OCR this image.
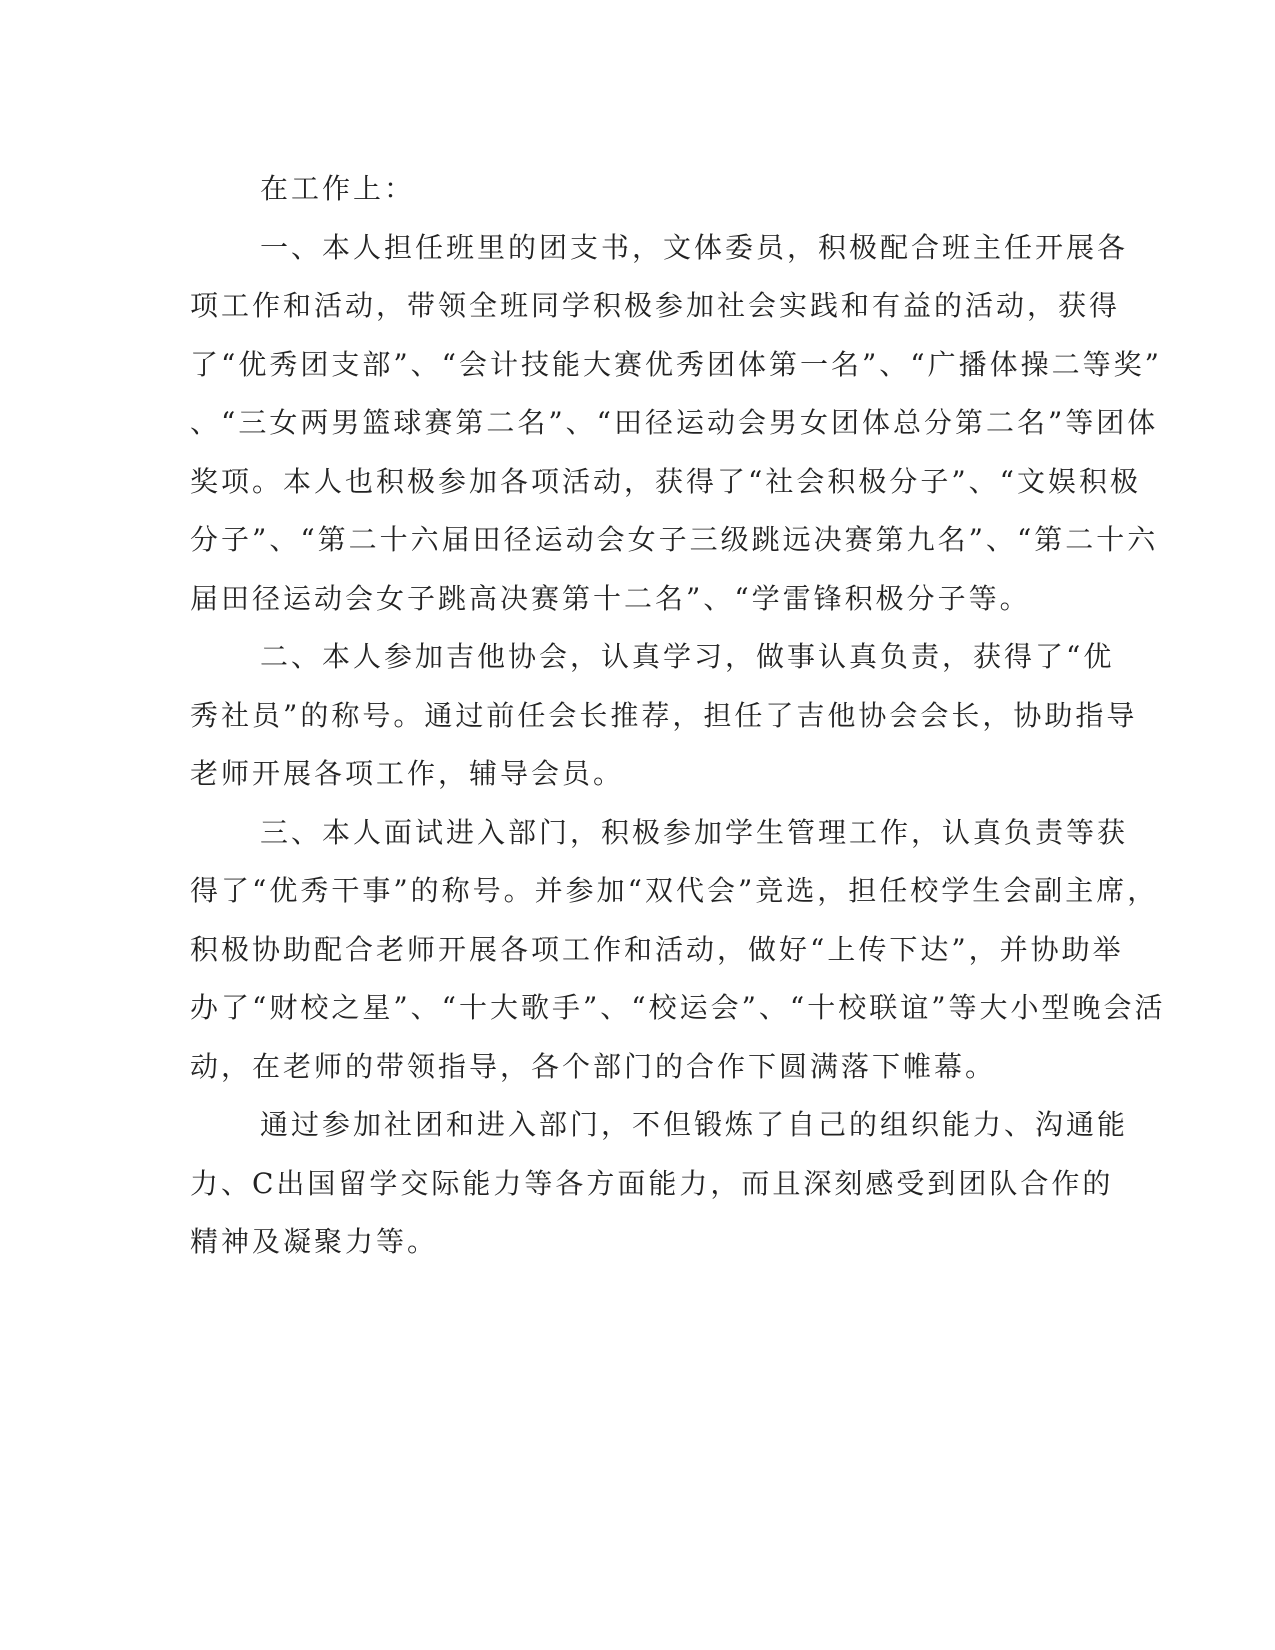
在工作上：
一、本人担任班里的团支书，文体委员，积极配合班主任开展各
项工作和活动，带领全班同学积极参加社会实践和有益的活动，获得
了“优秀团支部”、“会计技能大赛优秀团体第一名”、“广播体操二等奖”
、“三女两男篮球赛第二名”、“田径运动会男女团体总分第二名”等团体
奖项。本人也积极参加各项活动，获得了“社会积极分子”、“文娱积极
分子”、“第二十六届田径运动会女子三级跳远决赛第九名”、“第二十六
届田径运动会女子跳高决赛第十二名”、“学雷锋积极分子等。
二、本人参加吉他协会，认真学习，做事认真负责，获得了“优
秀社员”的称号。通过前任会长推荐，担任了吉他协会会长，协助指导
老师开展各项工作，辅导会员。
三、本人面试进入部门，积极参加学生管理工作，认真负责等获
得了“优秀干事”的称号。并参加“双代会”竞选，担任校学生会副主席，
积极协助配合老师开展各项工作和活动，做好“上传下达”，并协助举
办了“财校之星”、“十大歌手”、“校运会”、“十校联谊”等大小型晚会活
动，在老师的带领指导，各个部门的合作下圆满落下帷幕。
通过参加社团和进入部门，不但锻炼了自己的组织能力、沟通能
力、C出国留学交际能力等各方面能力，而且深刻感受到团队合作的
精神及凝聚力等。
